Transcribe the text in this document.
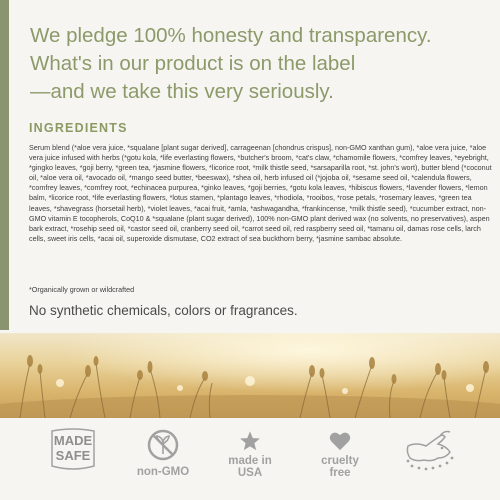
We pledge 100% honesty and transparency.
What's in our product is on the label
—and we take this very seriously.
INGREDIENTS
Serum blend (*aloe vera juice, *squalane [plant sugar derived], carrageenan [chondrus crispus], non-GMO xanthan gum), *aloe vera juice, *aloe vera juice infused with herbs (*gotu kola, *life everlasting flowers, *butcher's broom, *cat's claw, *chamomile flowers, *comfrey leaves, *eyebright, *gingko leaves, *goji berry, *green tea, *jasmine flowers, *licorice root, *milk thistle seed, *sarsaparilla root, *st. john's wort), butter blend (*coconut oil, *aloe vera oil, *avocado oil, *mango seed butter, *beeswax), *shea oil, herb infused oil (*jojoba oil, *sesame seed oil, *calendula flowers, *comfrey leaves, *comfrey root, *echinacea purpurea, *ginko leaves, *goji berries, *gotu kola leaves, *hibiscus flowers, *lavender flowers, *lemon balm, *licorice root, *life everlasting flowers, *lotus stamen, *plantago leaves, *rhodiola, *rooibos, *rose petals, *rosemary leaves, *green tea leaves, *shavegrass (horsetail herb), *violet leaves, *acai fruit, *amla, *ashwagandha, *frankincense, *milk thistle seed), *cucumber extract, non-GMO vitamin E tocopherols, CoQ10 & *squalane (plant sugar derived), 100% non-GMO plant derived wax (no solvents, no preservatives), aspen bark extract, *rosehip seed oil, *castor seed oil, cranberry seed oil, *carrot seed oil, red raspberry seed oil, *tamanu oil, damas rose cells, larch cells, sweet iris cells, *acai oil, superoxide dismutase, CO2 extract of sea buckthorn berry, *jasmine sambac absolute.
*Organically grown or wildcrafted
No synthetic chemicals, colors or fragrances.
MADE
SAFE
non-GMO
made in
USA
cruelty
free
